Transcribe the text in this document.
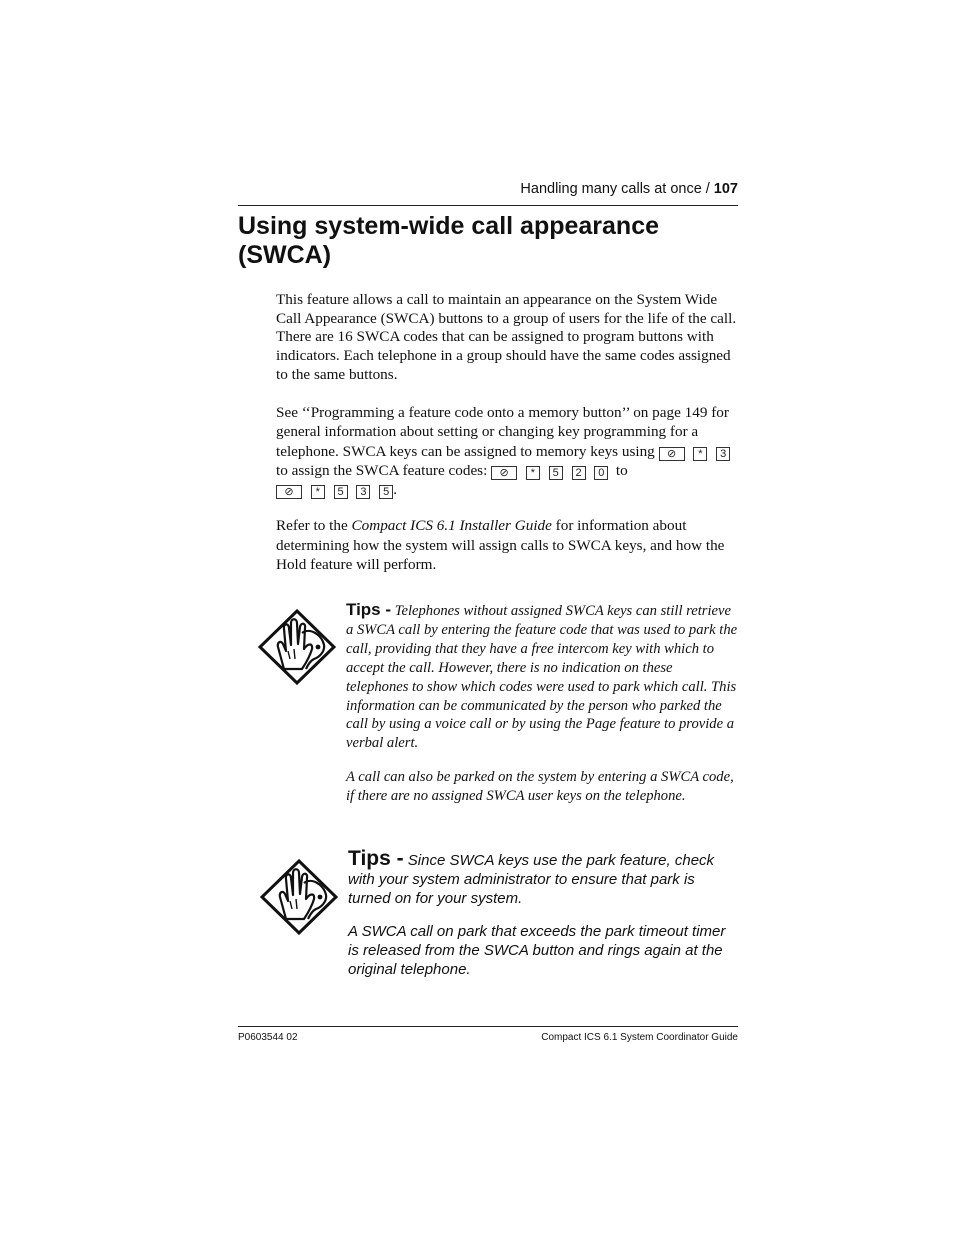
Handling many calls at once / 107
Using system-wide call appearance (SWCA)

This feature allows a call to maintain an appearance on the System Wide Call Appearance (SWCA) buttons to a group of users for the life of the call. There are 16 SWCA codes that can be assigned to program buttons with indicators. Each telephone in a group should have the same codes assigned to the same buttons.

See ‘‘Programming a feature code onto a memory button’’ on page 149 for general information about setting or changing key programming for a telephone. SWCA keys can be assigned to memory keys using ⊘ * 3
to assign the SWCA feature codes: ⊘ * 5 2 0 to
⊘ * 5 3 5 .

Refer to the Compact ICS 6.1 Installer Guide for information about determining how the system will assign calls to SWCA keys, and how the Hold feature will perform.

Tips - Telephones without assigned SWCA keys can still retrieve a SWCA call by entering the feature code that was used to park the call, providing that they have a free intercom key with which to accept the call. However, there is no indication on these telephones to show which codes were used to park which call. This information can be communicated by the person who parked the call by using a voice call or by using the Page feature to provide a verbal alert.

A call can also be parked on the system by entering a SWCA code, if there are no assigned SWCA user keys on the telephone.

Tips - Since SWCA keys use the park feature, check with your system administrator to ensure that park is turned on for your system.

A SWCA call on park that exceeds the park timeout timer is released from the SWCA button and rings again at the original telephone.

P0603544 02	Compact ICS 6.1 System Coordinator Guide
